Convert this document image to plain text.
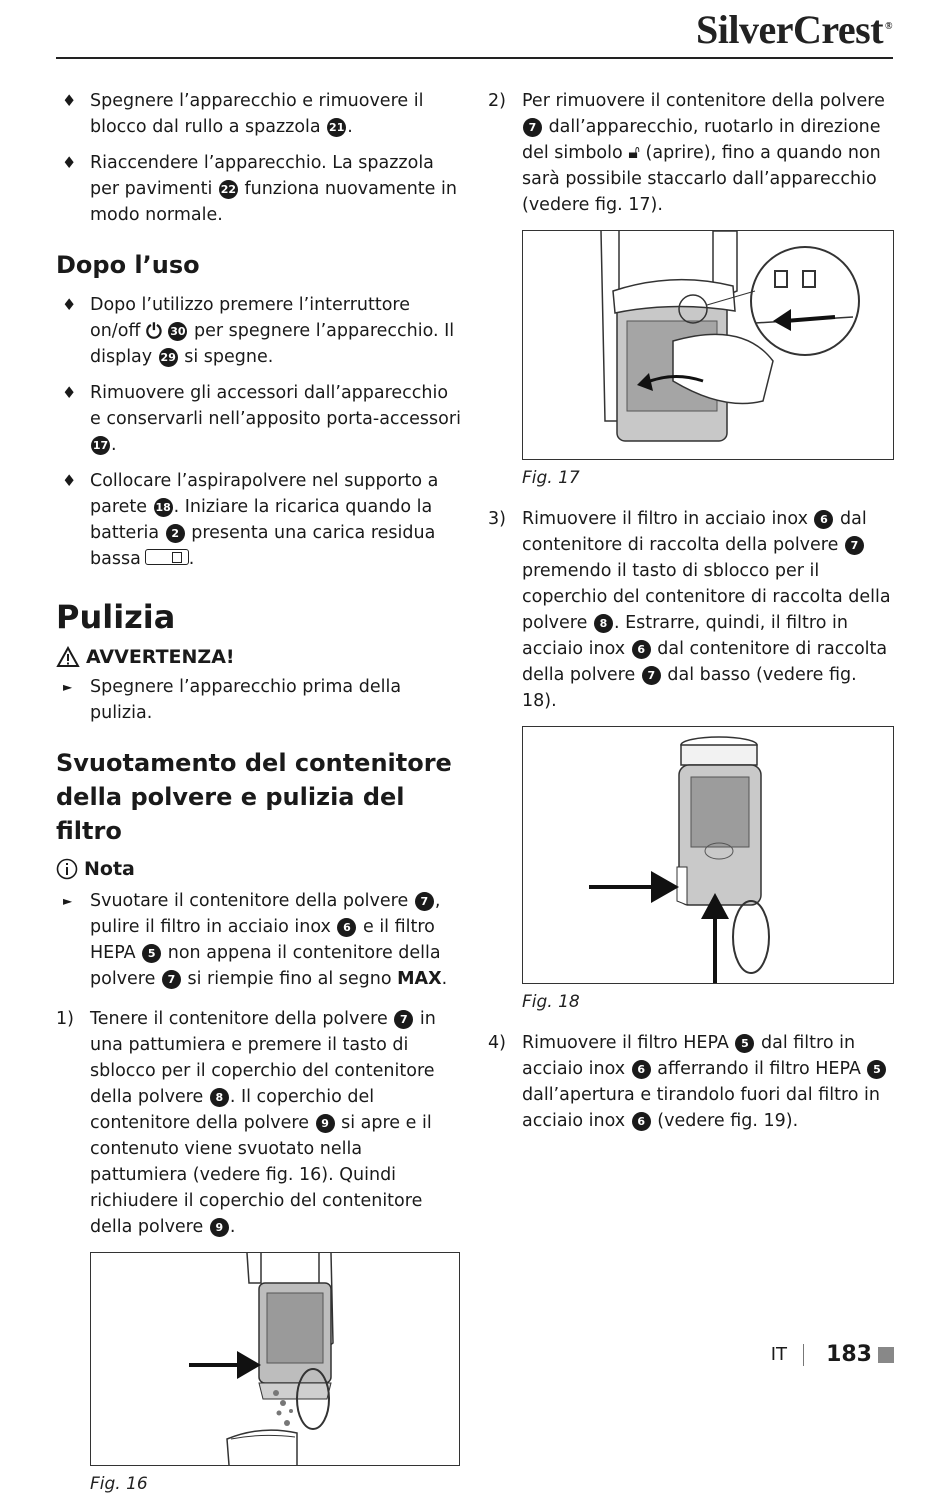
SilverCrest ®
♦ Spegnere l’apparecchio e rimuovere il blocco dal rullo a spazzola 21 .
♦ Riaccendere l’apparecchio. La spazzola per pavimenti 22 funziona nuovamente in modo normale.
Dopo l’uso
♦ Dopo l’utilizzo premere l’interruttore on/off ⏻ 30 per spegnere l’apparecchio. Il display 29 si spegne.
♦ Rimuovere gli accessori dall’apparecchio e conservarli nell’apposito porta-accessori 17 .
♦ Collocare l’aspirapolvere nel supporto a parete 18 . Iniziare la ricarica quando la batteria 2 presenta una carica residua bassa	.
Pulizia
AVVERTENZA!
► Spegnere l’apparecchio prima della pulizia.
Svuotamento del contenitore della polvere e pulizia del filtro
Nota
► Svuotare il contenitore della polvere 7 , pulire il filtro in acciaio inox 6 e il filtro HEPA 5 non appena il contenitore della polvere 7 si riempie fino al segno MAX.
1) Tenere il contenitore della polvere 7 in una pattumiera e premere il tasto di sblocco per il coperchio del contenitore della polvere 8 . Il coperchio del contenitore della polvere 9 si apre e il contenuto viene svuotato nella pattumiera (vedere fig. 16). Quindi richiudere il coperchio del contenitore della polvere 9 .
Fig. 16
2) Per rimuovere il contenitore della polvere 7 dall’apparecchio, ruotarlo in direzione del simbolo 🔓︎ (aprire), fino a quando non sarà possibile staccarlo dall’apparecchio (vedere fig. 17).
Fig. 17
3) Rimuovere il filtro in acciaio inox 6 dal contenitore di raccolta della polvere 7 premendo il tasto di sblocco per il coperchio del contenitore di raccolta della polvere 8 . Estrarre, quindi, il filtro in acciaio inox 6 dal contenitore di raccolta della polvere 7 dal basso (vedere fig. 18).
Fig. 18
4) Rimuovere il filtro HEPA 5 dal filtro in acciaio inox 6 afferrando il filtro HEPA 5 dall’apertura e tirandolo fuori dal filtro in acciaio inox 6 (vedere fig. 19).
IT 183
